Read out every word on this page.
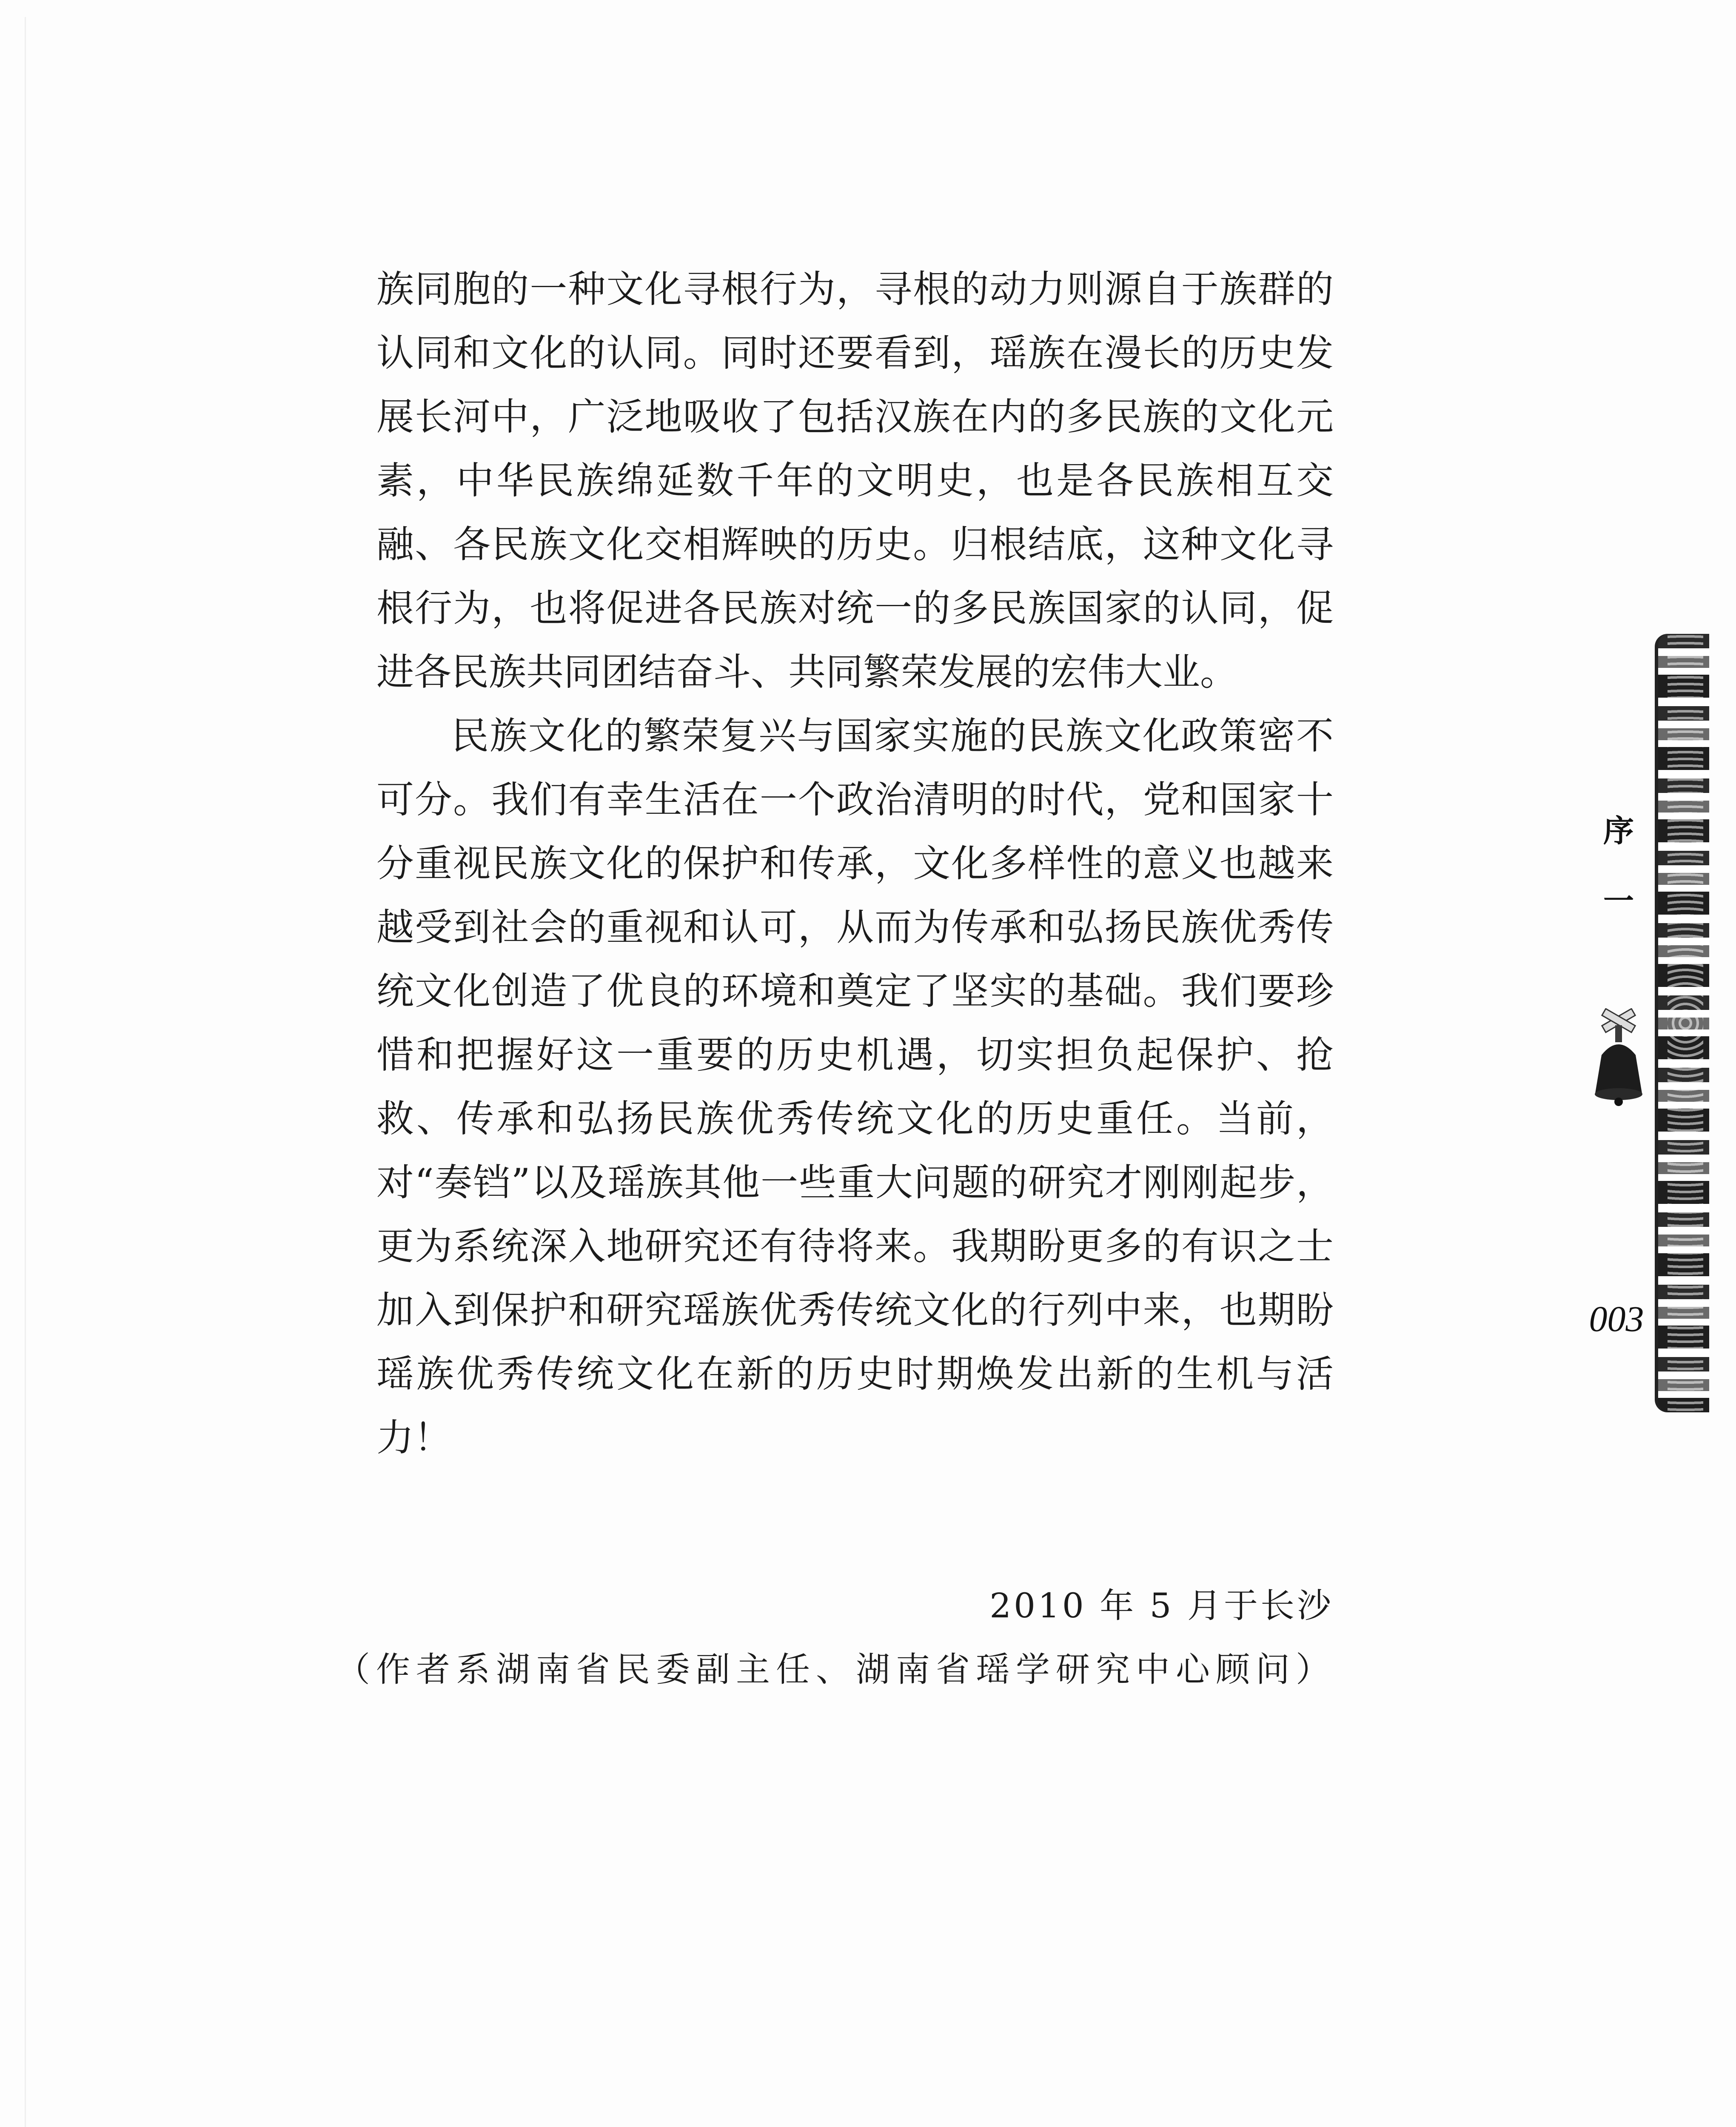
族同胞的一种文化寻根行为，寻根的动力则源自于族群的认同和文化的认同。同时还要看到，瑶族在漫长的历史发展长河中，广泛地吸收了包括汉族在内的多民族的文化元素，中华民族绵延数千年的文明史，也是各民族相互交融、各民族文化交相辉映的历史。归根结底，这种文化寻根行为，也将促进各民族对统一的多民族国家的认同，促进各民族共同团结奋斗、共同繁荣发展的宏伟大业。

民族文化的繁荣复兴与国家实施的民族文化政策密不可分。我们有幸生活在一个政治清明的时代，党和国家十分重视民族文化的保护和传承，文化多样性的意义也越来越受到社会的重视和认可，从而为传承和弘扬民族优秀传统文化创造了优良的环境和奠定了坚实的基础。我们要珍惜和把握好这一重要的历史机遇，切实担负起保护、抢救、传承和弘扬民族优秀传统文化的历史重任。当前，对“奏铛”以及瑶族其他一些重大问题的研究才刚刚起步，更为系统深入地研究还有待将来。我期盼更多的有识之士加入到保护和研究瑶族优秀传统文化的行列中来，也期盼瑶族优秀传统文化在新的历史时期焕发出新的生机与活力！

2010 年 5 月于长沙
（作者系湖南省民委副主任、湖南省瑶学研究中心顾问）
序
一
003
